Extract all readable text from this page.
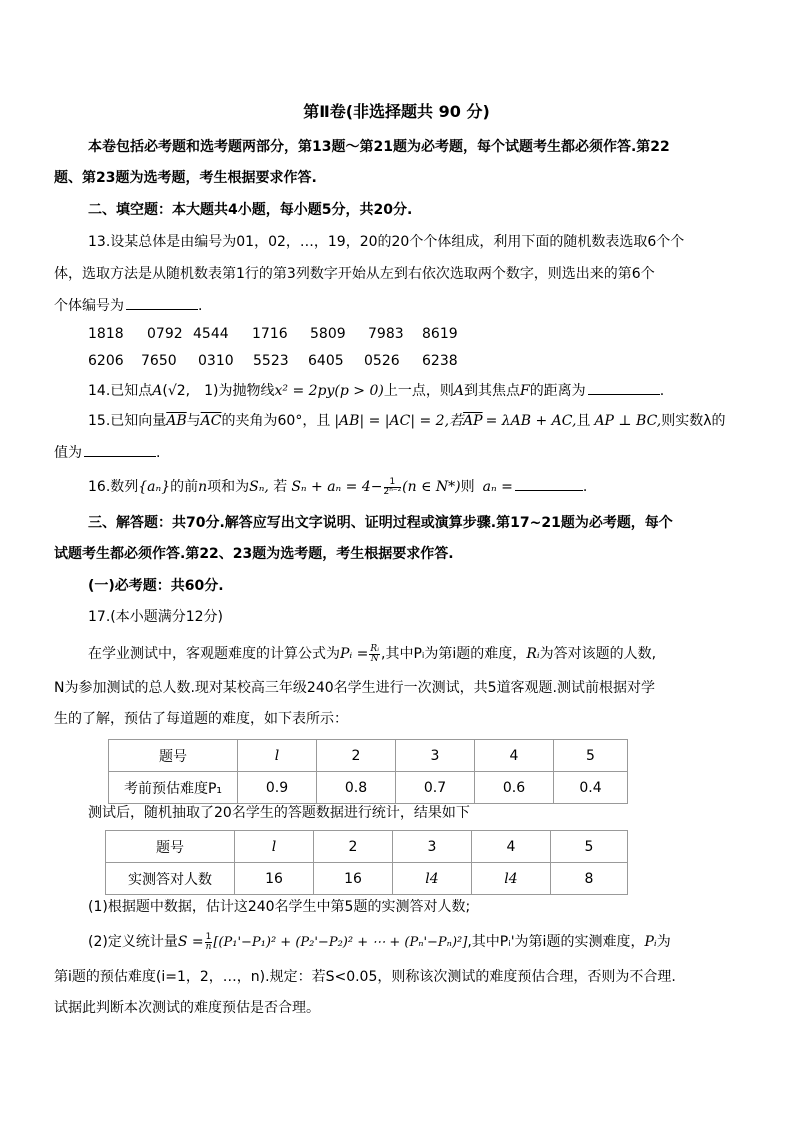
第Ⅱ卷(非选择题共 90 分)
本卷包括必考题和选考题两部分，第13题～第21题为必考题，每个试题考生都必须作答.第22
题、第23题为选考题，考生根据要求作答.
二、填空题：本大题共4小题，每小题5分，共20分.
13.设某总体是由编号为01，02，…，19，20的20个个体组成，利用下面的随机数表选取6个个
体，选取方法是从随机数表第1行的第3列数字开始从左到右依次选取两个数字，则选出来的第6个
个体编号为	.
1818 0792 4544 1716 5809 7983 8619
6206 7650 0310 5523 6405 0526 6238
14.已知点A(√2,　1)为抛物线x² = 2py(p > 0)上一点，则A到其焦点F的距离为	.
15.已知向量$\overline{AB}$与$\overline{AC}$的夹角为60°，且 |AB| = |AC| = 2,若$\overline{AP} = \lambda AB$ + AC,且 AP ⊥ BC,则实数λ的
值为	.
16.数列{aₙ}的前n项和为Sₙ, 若 $S_n + a_n = 4- \frac{1}{\text{2ⁿ⁻²}} (n$ ∈ N*)则 aₙ =	.
三、解答题：共70分.解答应写出文字说明、证明过程或演算步骤.第17~21题为必考题，每个
试题考生都必须作答.第22、23题为选考题，考生根据要求作答.
(一)必考题：共60分.
17.(本小题满分12分)
在学业测试中，客观题难度的计算公式为Pᵢ = $\frac{\text{Rᵢ}}{N}$ ,其中Pᵢ为第i题的难度，Rᵢ为答对该题的人数,
N为参加测试的总人数.现对某校高三年级240名学生进行一次测试，共5道客观题.测试前根据对学
生的了解，预估了每道题的难度，如下表所示：
题号	l	2	3	4	5
考前预估难度P₁	0.9	0.8	0.7	0.6	0.4
测试后，随机抽取了20名学生的答题数据进行统计，结果如下
题号	l	2	3	4	5
实测答对人数	16	16	l4	l4	8
(1)根据题中数据，估计这240名学生中第5题的实测答对人数;
(2)定义统计量$S = \frac{1}{n} [(P_1'-P_1)^2 + (P_2'-P_2)^2$ + ⋯ + (Pₙ'−Pₙ)²],其中Pᵢ'为第i题的实测难度，Pᵢ为
第i题的预估难度(i=1，2，…，n).规定：若S<0.05，则称该次测试的难度预估合理，否则为不合理.
试据此判断本次测试的难度预估是否合理。
